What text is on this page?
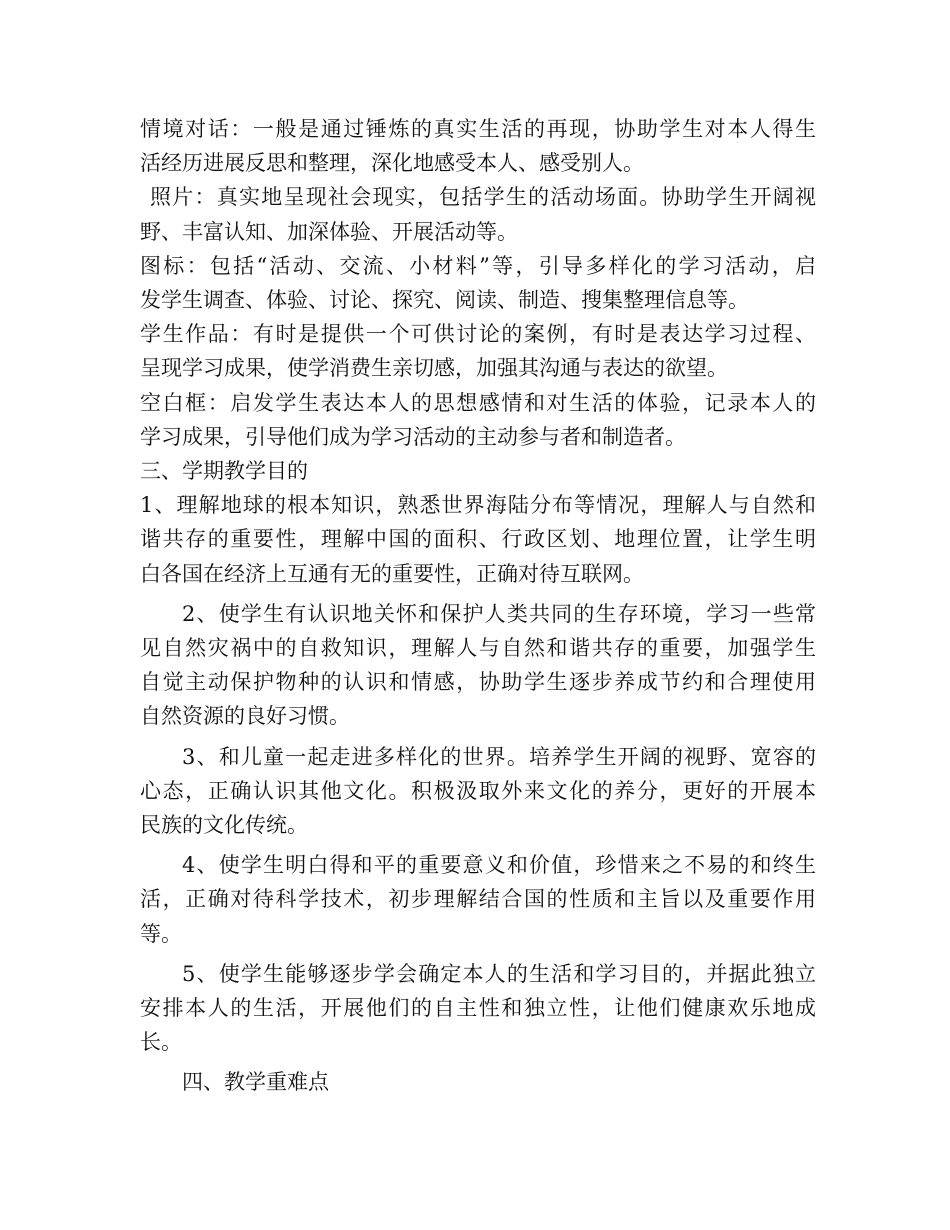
情境对话：一般是通过锤炼的真实生活的再现，协助学生对本人得生
活经历进展反思和整理，深化地感受本人、感受别人。
照片：真实地呈现社会现实，包括学生的活动场面。协助学生开阔视
野、丰富认知、加深体验、开展活动等。
图标：包括“活动、交流、小材料”等，引导多样化的学习活动，启
发学生调查、体验、讨论、探究、阅读、制造、搜集整理信息等。
学生作品：有时是提供一个可供讨论的案例，有时是表达学习过程、
呈现学习成果，使学消费生亲切感，加强其沟通与表达的欲望。
空白框：启发学生表达本人的思想感情和对生活的体验，记录本人的
学习成果，引导他们成为学习活动的主动参与者和制造者。
三、学期教学目的
1、理解地球的根本知识，熟悉世界海陆分布等情况，理解人与自然和
谐共存的重要性，理解中国的面积、行政区划、地理位置，让学生明
白各国在经济上互通有无的重要性，正确对待互联网。
2、使学生有认识地关怀和保护人类共同的生存环境，学习一些常
见自然灾祸中的自救知识，理解人与自然和谐共存的重要，加强学生
自觉主动保护物种的认识和情感，协助学生逐步养成节约和合理使用
自然资源的良好习惯。
3、和儿童一起走进多样化的世界。培养学生开阔的视野、宽容的
心态，正确认识其他文化。积极汲取外来文化的养分，更好的开展本
民族的文化传统。
4、使学生明白得和平的重要意义和价值，珍惜来之不易的和终生
活，正确对待科学技术，初步理解结合国的性质和主旨以及重要作用
等。
5、使学生能够逐步学会确定本人的生活和学习目的，并据此独立
安排本人的生活，开展他们的自主性和独立性，让他们健康欢乐地成
长。
四、教学重难点
